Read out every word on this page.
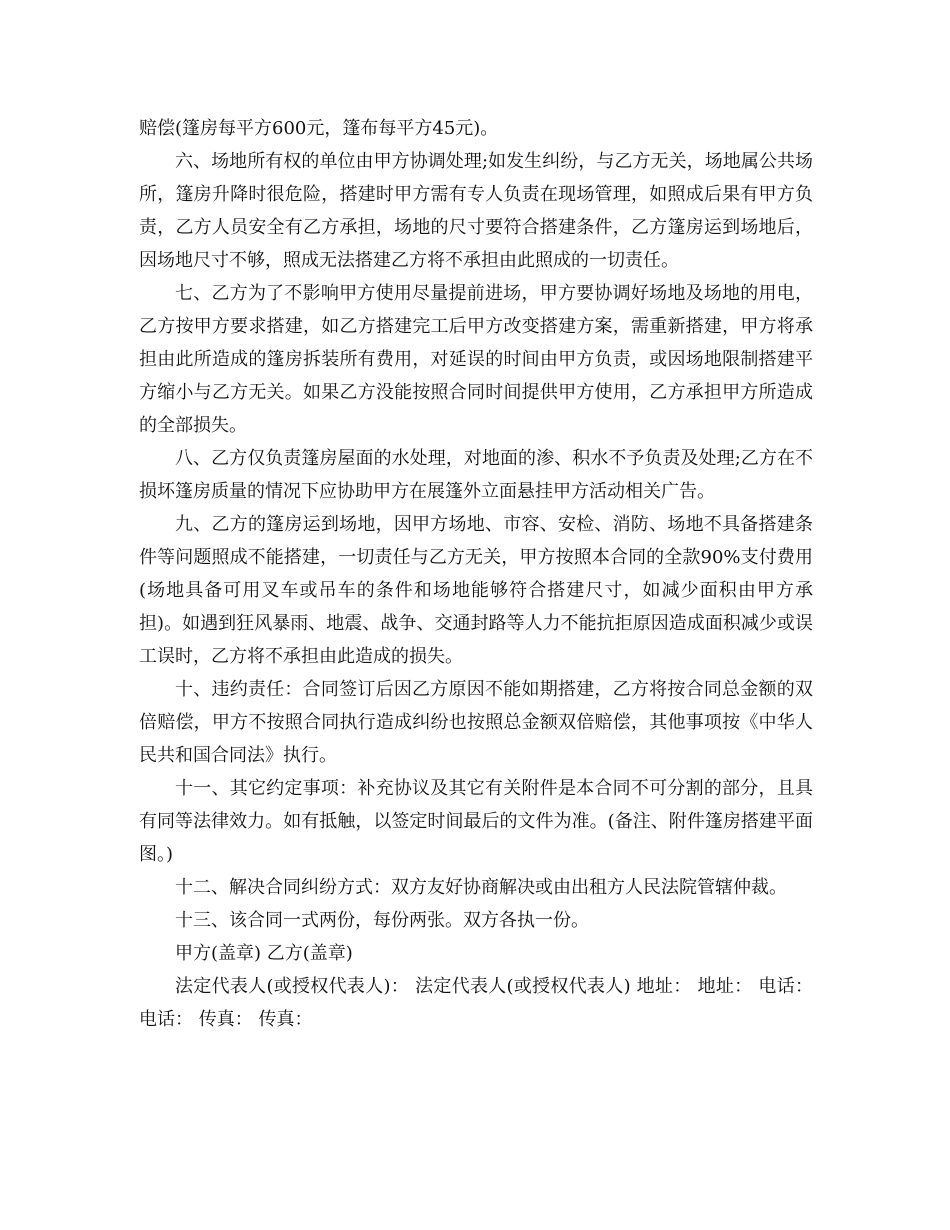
赔偿(篷房每平方600元，篷布每平方45元)。

六、场地所有权的单位由甲方协调处理;如发生纠纷，与乙方无关，场地属公共场所，篷房升降时很危险，搭建时甲方需有专人负责在现场管理，如照成后果有甲方负责，乙方人员安全有乙方承担，场地的尺寸要符合搭建条件，乙方篷房运到场地后，因场地尺寸不够，照成无法搭建乙方将不承担由此照成的一切责任。

七、乙方为了不影响甲方使用尽量提前进场，甲方要协调好场地及场地的用电，乙方按甲方要求搭建，如乙方搭建完工后甲方改变搭建方案，需重新搭建，甲方将承担由此所造成的篷房拆装所有费用，对延误的时间由甲方负责，或因场地限制搭建平方缩小与乙方无关。如果乙方没能按照合同时间提供甲方使用，乙方承担甲方所造成的全部损失。

八、乙方仅负责篷房屋面的水处理，对地面的渗、积水不予负责及处理;乙方在不损坏篷房质量的情况下应协助甲方在展篷外立面悬挂甲方活动相关广告。

九、乙方的篷房运到场地，因甲方场地、市容、安检、消防、场地不具备搭建条件等问题照成不能搭建，一切责任与乙方无关，甲方按照本合同的全款90%支付费用(场地具备可用叉车或吊车的条件和场地能够符合搭建尺寸，如减少面积由甲方承担)。如遇到狂风暴雨、地震、战争、交通封路等人力不能抗拒原因造成面积减少或误工误时，乙方将不承担由此造成的损失。

十、违约责任：合同签订后因乙方原因不能如期搭建，乙方将按合同总金额的双倍赔偿，甲方不按照合同执行造成纠纷也按照总金额双倍赔偿，其他事项按《中华人民共和国合同法》执行。

十一、其它约定事项：补充协议及其它有关附件是本合同不可分割的部分，且具有同等法律效力。如有抵触，以签定时间最后的文件为准。(备注、附件篷房搭建平面图。)

十二、解决合同纠纷方式：双方友好协商解决或由出租方人民法院管辖仲裁。

十三、该合同一式两份，每份两张。双方各执一份。

甲方(盖章) 乙方(盖章)

法定代表人(或授权代表人)： 法定代表人(或授权代表人) 地址： 地址： 电话： 电话： 传真： 传真：
